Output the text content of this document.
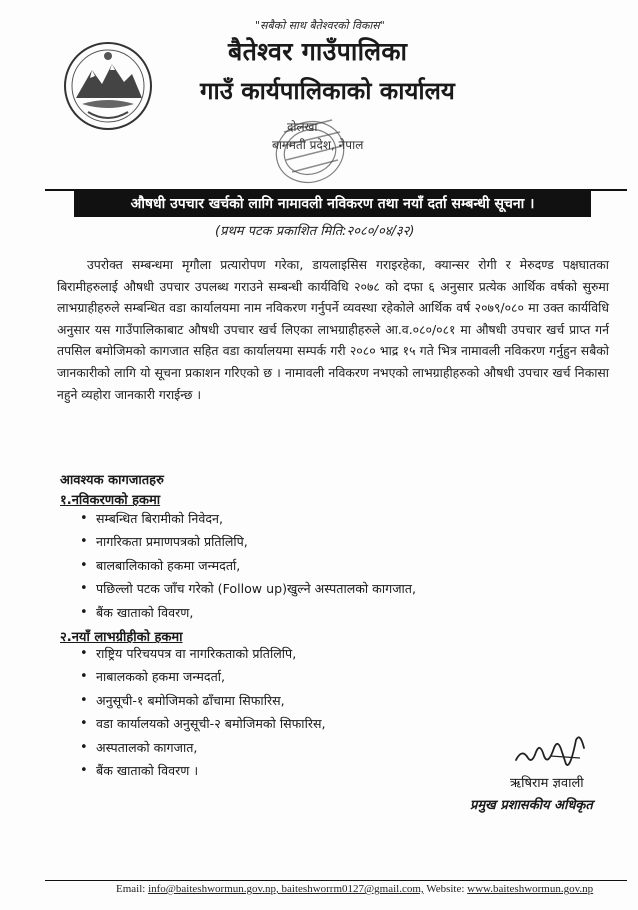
"सबैको साथ बैतेश्वरको विकास"
बैतेश्वर गाउँपालिका
गाउँ कार्यपालिकाको कार्यालय
दोलखा
बागमती प्रदेश, नेपाल
औषधी उपचार खर्चको लागि नामावली नविकरण तथा नयाँ दर्ता सम्बन्धी सूचना ।
(प्रथम पटक प्रकाशित मिति:२०८०/०४/३२)
उपरोक्त सम्बन्धमा मृगौला प्रत्यारोपण गरेका, डायलाइसिस गराइरहेका, क्यान्सर रोगी र मेरुदण्ड पक्षघातका बिरामीहरुलाई औषधी उपचार उपलब्ध गराउने सम्बन्धी कार्यविधि २०७८ को दफा ६ अनुसार प्रत्येक आर्थिक वर्षको सुरुमा लाभग्राहीहरुले सम्बन्धित वडा कार्यालयमा नाम नविकरण गर्नुपर्ने व्यवस्था रहेकोले आर्थिक वर्ष २०७९/०८० मा उक्त कार्यविधि अनुसार यस गाउँपालिकाबाट औषधी उपचार खर्च लिएका लाभग्राहीहरुले आ.व.०८०/०८१ मा औषधी उपचार खर्च प्राप्त गर्न तपसिल बमोजिमको कागजात सहित वडा कार्यालयमा सम्पर्क गरी २०८० भाद्र १५ गते भित्र नामावली नविकरण गर्नुहुन सबैको जानकारीको लागि यो सूचना प्रकाशन गरिएको छ । नामावली नविकरण नभएको लाभग्राहीहरुको औषधी उपचार खर्च निकासा नहुने व्यहोरा जानकारी गराईन्छ ।
आवश्यक कागजातहरु
१.नविकरणको हकमा
• सम्बन्धित बिरामीको निवेदन,
• नागरिकता प्रमाणपत्रको प्रतिलिपि,
• बालबालिकाको हकमा जन्मदर्ता,
• पछिल्लो पटक जाँच गरेको (Follow up)खुल्ने अस्पतालको कागजात,
• बैंक खाताको विवरण,
२.नयाँ लाभग्रीहीको हकमा
• राष्ट्रिय परिचयपत्र वा नागरिकताको प्रतिलिपि,
• नाबालकको हकमा जन्मदर्ता,
• अनुसूची-१ बमोजिमको ढाँचामा सिफारिस,
• वडा कार्यालयको अनुसूची-२ बमोजिमको सिफारिस,
• अस्पतालको कागजात,
• बैंक खाताको विवरण ।
ऋषिराम ज्ञवाली
प्रमुख प्रशासकीय अधिकृत
Email: info@baiteshwormun.gov.np, baiteshworrm0127@gmail.com, Website: www.baiteshwormun.gov.np
